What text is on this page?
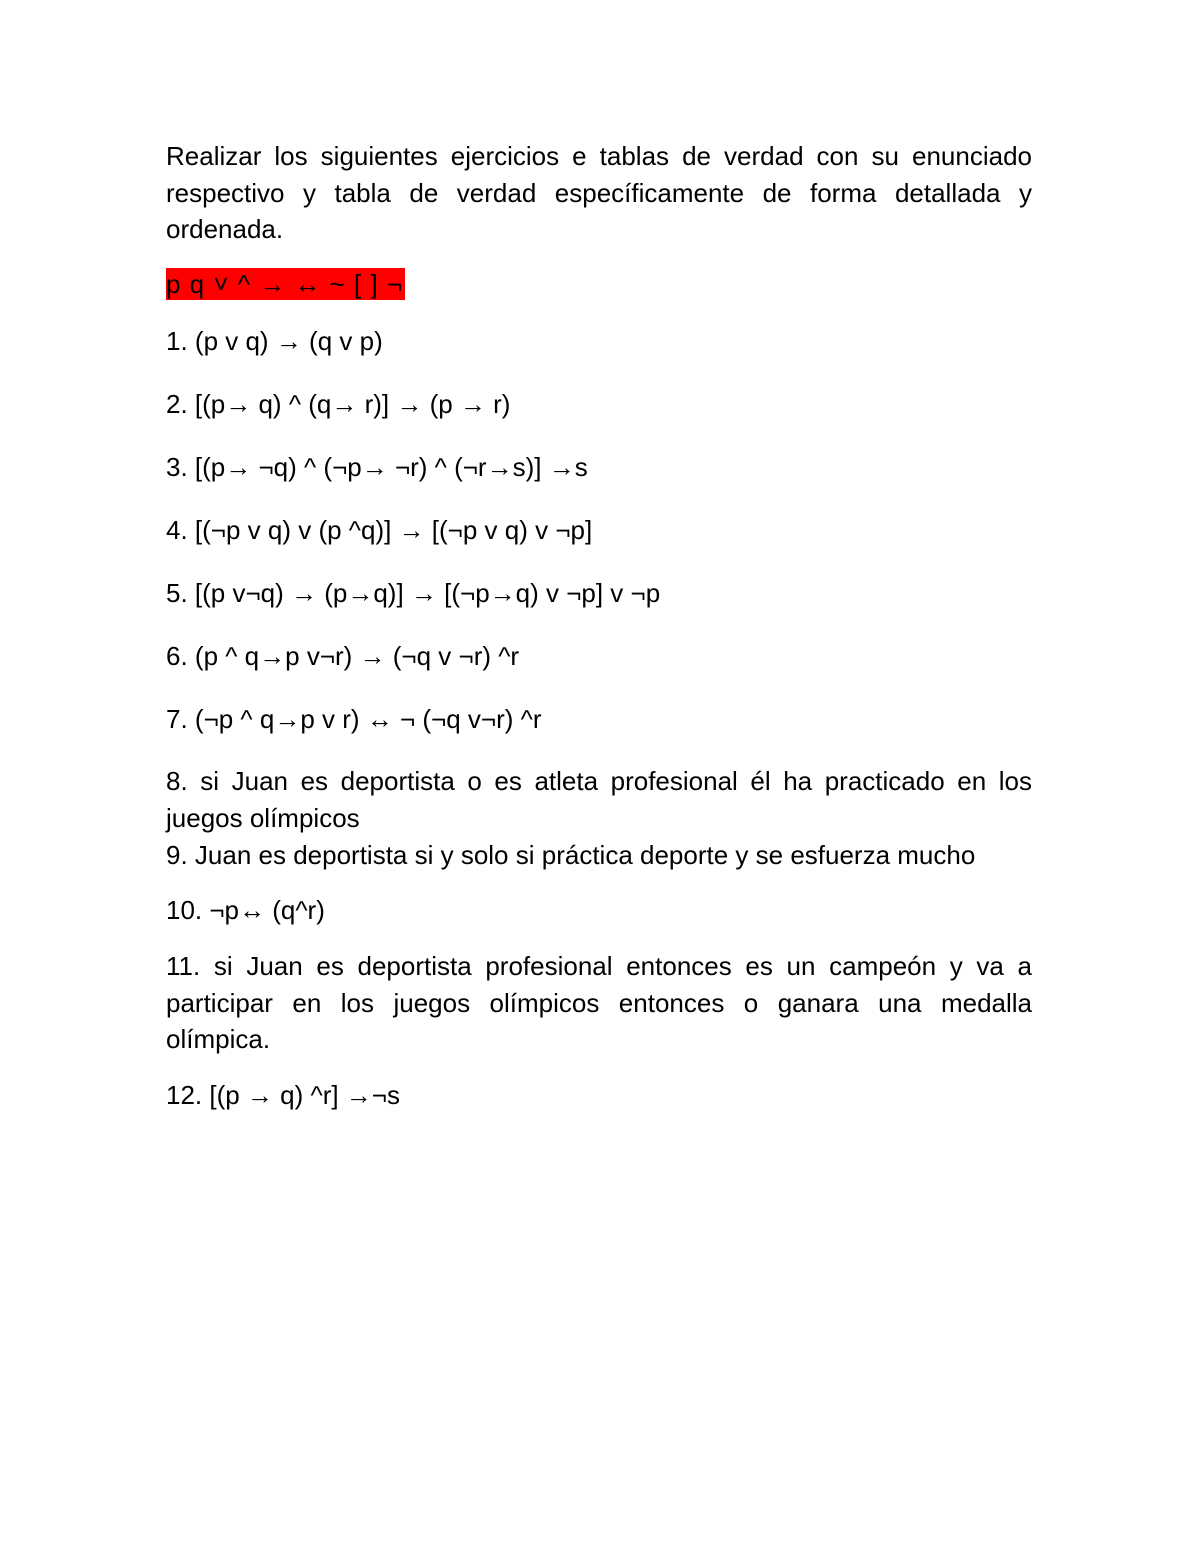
Realizar los siguientes ejercicios e tablas de verdad con su enunciado respectivo y tabla de verdad específicamente de forma detallada y ordenada.
p q ˅ ^ → ↔ ~ [ ] ¬
1. (p v q) → (q v p)
2. [(p→ q) ^ (q→ r)] → (p → r)
3. [(p→ ¬q) ^ (¬p→ ¬r) ^ (¬r→s)] →s
4. [(¬p v q) v (p ^q)] → [(¬p v q) v ¬p]
5. [(p v¬q) → (p→q)] → [(¬p→q) v ¬p] v ¬p
6. (p ^ q→p v¬r) → (¬q v ¬r) ^r
7. (¬p ^ q→p v r) ↔ ¬ (¬q v¬r) ^r
8. si Juan es deportista o es atleta profesional él ha practicado en los juegos olímpicos
9. Juan es deportista si y solo si práctica deporte y se esfuerza mucho
10. ¬p↔ (q^r)
11. si Juan es deportista profesional entonces es un campeón y va a participar en los juegos olímpicos entonces o ganara una medalla olímpica.
12. [(p → q) ^r] →¬s
